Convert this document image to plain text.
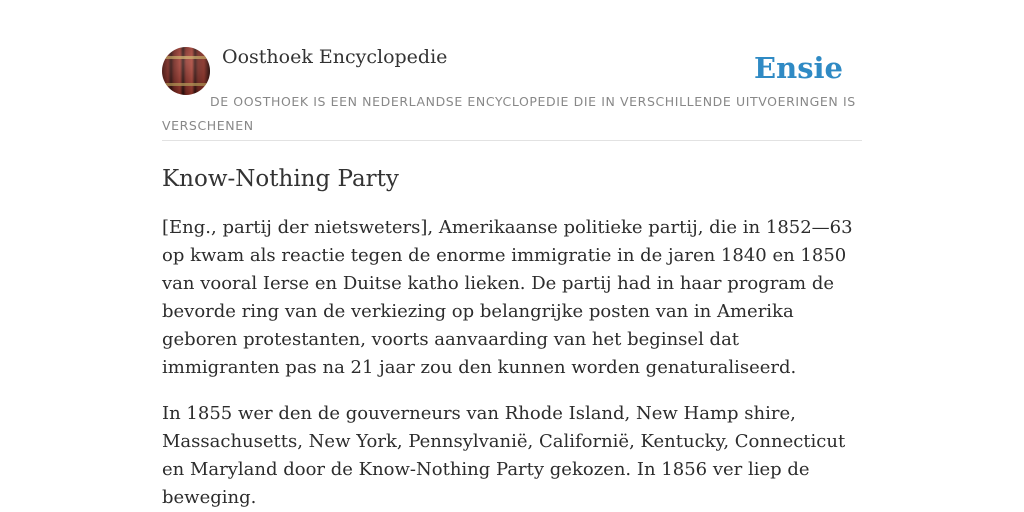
Oosthoek Encyclopedie	Ensie
DE OOSTHOEK IS EEN NEDERLANDSE ENCYCLOPEDIE DIE IN VERSCHILLENDE UITVOERINGEN IS VERSCHENEN
Know-Nothing Party

[Eng., partij der nietsweters], Amerikaanse politieke partij, die in 1852—63 op kwam als reactie tegen de enorme immigratie in de jaren 1840 en 1850 van vooral Ierse en Duitse katho lieken. De partij had in haar program de bevorde ring van de verkiezing op belangrijke posten van in Amerika geboren protestanten, voorts aanvaarding van het beginsel dat immigranten pas na 21 jaar zou den kunnen worden genaturaliseerd.

In 1855 wer den de gouverneurs van Rhode Island, New Hamp shire, Massachusetts, New York, Pennsylvanië, Californië, Kentucky, Connecticut en Maryland door de Know-Nothing Party gekozen. In 1856 ver liep de beweging.
